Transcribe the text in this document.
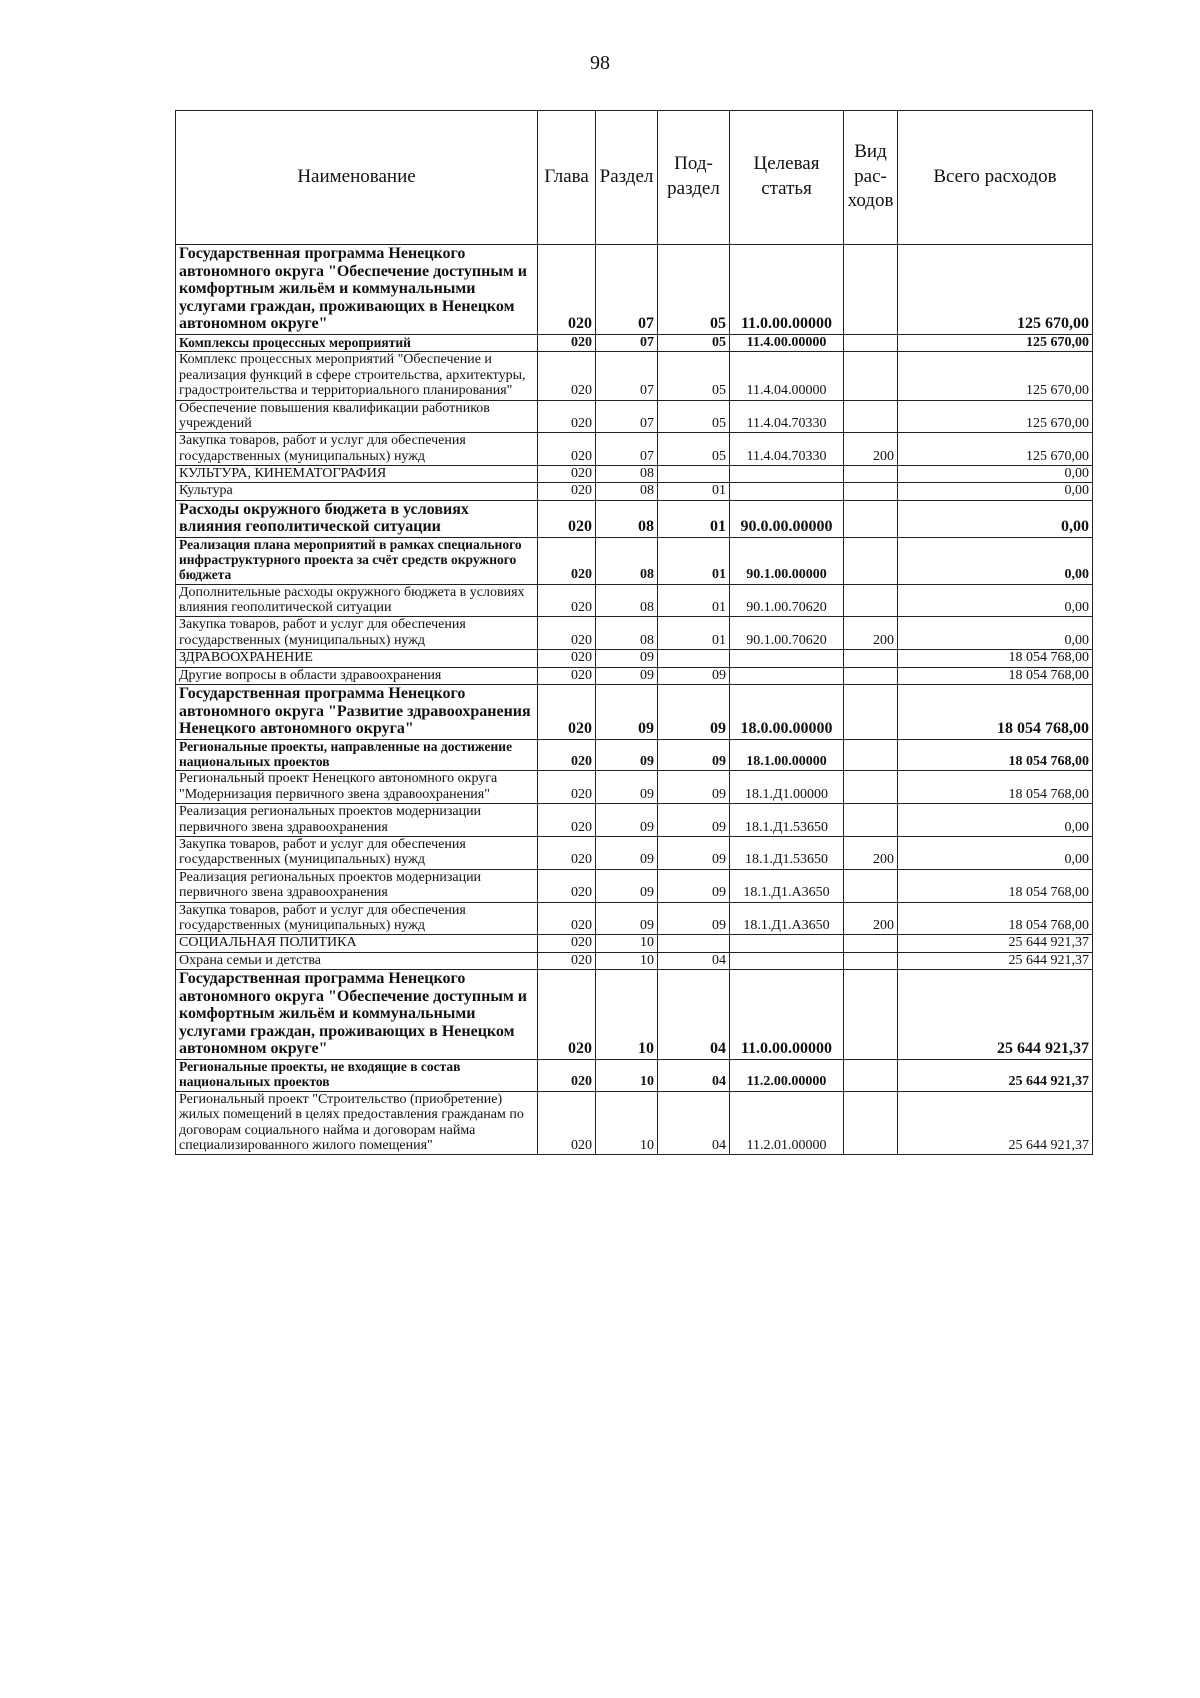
98
Наименование	Глава	Раздел	Под-раздел	Целевая статья	Вид рас-ходов	Всего расходов
Государственная программа Ненецкого автономного округа "Обеспечение доступным и комфортным жильём и коммунальными услугами граждан, проживающих в Ненецком автономном округе"	020	07	05	11.0.00.00000		125 670,00
Комплексы процессных мероприятий	020	07	05	11.4.00.00000		125 670,00
Комплекс процессных мероприятий "Обеспечение и реализация функций в сфере строительства, архитектуры, градостроительства и территориального планирования"	020	07	05	11.4.04.00000		125 670,00
Обеспечение повышения квалификации работников учреждений	020	07	05	11.4.04.70330		125 670,00
Закупка товаров, работ и услуг для обеспечения государственных (муниципальных) нужд	020	07	05	11.4.04.70330	200	125 670,00
КУЛЬТУРА, КИНЕМАТОГРАФИЯ	020	08				0,00
Культура	020	08	01			0,00
Расходы окружного бюджета в условиях влияния геополитической ситуации	020	08	01	90.0.00.00000		0,00
Реализация плана мероприятий в рамках специального инфраструктурного проекта за счёт средств окружного бюджета	020	08	01	90.1.00.00000		0,00
Дополнительные расходы окружного бюджета в условиях влияния геополитической ситуации	020	08	01	90.1.00.70620		0,00
Закупка товаров, работ и услуг для обеспечения государственных (муниципальных) нужд	020	08	01	90.1.00.70620	200	0,00
ЗДРАВООХРАНЕНИЕ	020	09				18 054 768,00
Другие вопросы в области здравоохранения	020	09	09			18 054 768,00
Государственная программа Ненецкого автономного округа "Развитие здравоохранения Ненецкого автономного округа"	020	09	09	18.0.00.00000		18 054 768,00
Региональные проекты, направленные на достижение национальных проектов	020	09	09	18.1.00.00000		18 054 768,00
Региональный проект Ненецкого автономного округа "Модернизация первичного звена здравоохранения"	020	09	09	18.1.Д1.00000		18 054 768,00
Реализация региональных проектов модернизации первичного звена здравоохранения	020	09	09	18.1.Д1.53650		0,00
Закупка товаров, работ и услуг для обеспечения государственных (муниципальных) нужд	020	09	09	18.1.Д1.53650	200	0,00
Реализация региональных проектов модернизации первичного звена здравоохранения	020	09	09	18.1.Д1.А3650		18 054 768,00
Закупка товаров, работ и услуг для обеспечения государственных (муниципальных) нужд	020	09	09	18.1.Д1.А3650	200	18 054 768,00
СОЦИАЛЬНАЯ ПОЛИТИКА	020	10				25 644 921,37
Охрана семьи и детства	020	10	04			25 644 921,37
Государственная программа Ненецкого автономного округа "Обеспечение доступным и комфортным жильём и коммунальными услугами граждан, проживающих в Ненецком автономном округе"	020	10	04	11.0.00.00000		25 644 921,37
Региональные проекты, не входящие в состав национальных проектов	020	10	04	11.2.00.00000		25 644 921,37
Региональный проект "Строительство (приобретение) жилых помещений в целях предоставления гражданам по договорам социального найма и договорам найма специализированного жилого помещения"	020	10	04	11.2.01.00000		25 644 921,37
